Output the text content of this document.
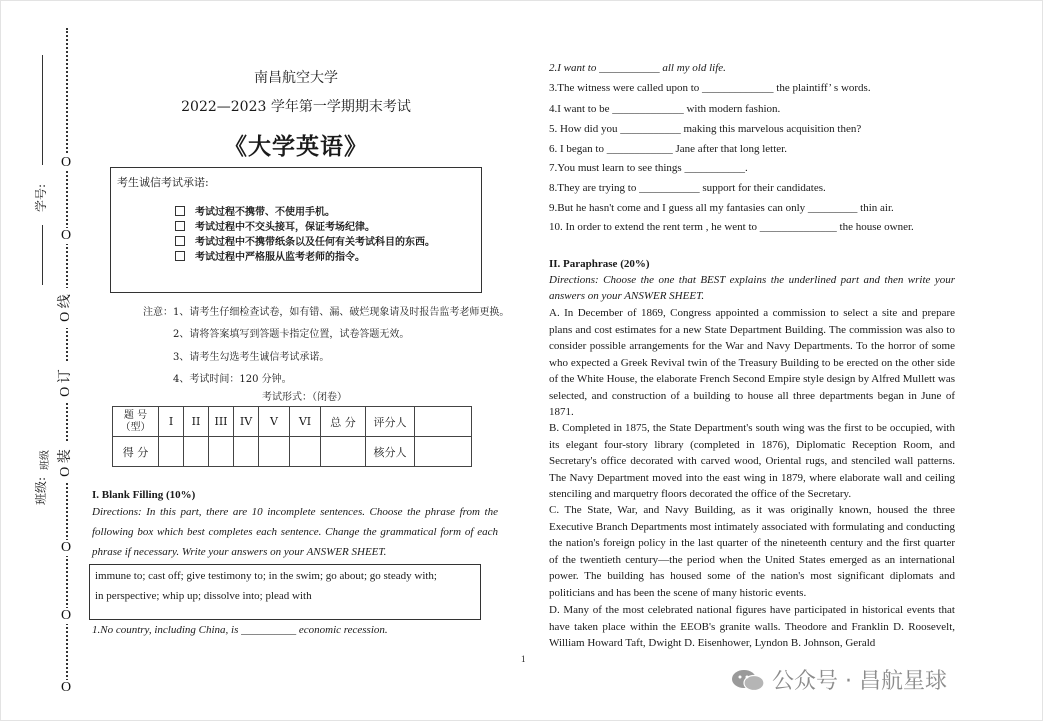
O
O
O 线
O 订
O 装
O
O
O
学号:
班级:
班级
南昌航空大学
2022—2023 学年第一学期期末考试
《大学英语》
考生诚信考试承诺:
考试过程不携带、不使用手机。
考试过程中不交头接耳，保证考场纪律。
考试过程中不携带纸条以及任何有关考试科目的东西。
考试过程中严格服从监考老师的指令。
注意：1、请考生仔细检查试卷，如有错、漏、破烂现象请及时报告监考老师更换。
2、请将答案填写到答题卡指定位置，试卷答题无效。
3、请考生勾选考生诚信考试承诺。
4、考试时间：120 分钟。
考试形式：（闭卷）
题 号（型）	I	II	III	IV	V	VI	总 分	评分人	
得 分								核分人	
I. Blank Filling (10%)
Directions: In this part, there are 10 incomplete sentences. Choose the phrase from the following box which best completes each sentence. Change the grammatical form of each phrase if necessary. Write your answers on your ANSWER SHEET.
immune to; cast off; give testimony to; in the swim; go about; go steady with;
in perspective; whip up; dissolve into; plead with
1.No country, including China, is __________ economic recession.
1
2.I want to ___________ all my old life.
3.The witness were called upon to _____________ the plaintiff’ s words.
4.I want to be _____________ with modern fashion.
5. How did you ___________ making this marvelous acquisition then?
6. I began to ____________ Jane after that long letter.
7.You must learn to see things ___________.
8.They are trying to ___________ support for their candidates.
9.But he hasn't come and I guess all my fantasies can only _________ thin air.
10. In order to extend the rent term , he went to ______________ the house owner.
II. Paraphrase (20%)
Directions: Choose the one that BEST explains the underlined part and then write your answers on your ANSWER SHEET.
A. In December of 1869, Congress appointed a commission to select a site and prepare plans and cost estimates for a new State Department Building. The commission was also to consider possible arrangements for the War and Navy Departments. To the horror of some who expected a Greek Revival twin of the Treasury Building to be erected on the other side of the White House, the elaborate French Second Empire style design by Alfred Mullett was selected, and construction of a building to house all three departments began in June of 1871.
B. Completed in 1875, the State Department's south wing was the first to be occupied, with its elegant four-story library (completed in 1876), Diplomatic Reception Room, and Secretary's office decorated with carved wood, Oriental rugs, and stenciled wall patterns. The Navy Department moved into the east wing in 1879, where elaborate wall and ceiling stenciling and marquetry floors decorated the office of the Secretary.
C. The State, War, and Navy Building, as it was originally known, housed the three Executive Branch Departments most intimately associated with formulating and conducting the nation's foreign policy in the last quarter of the nineteenth century and the first quarter of the twentieth century—the period when the United States emerged as an international power. The building has housed some of the nation's most significant diplomats and politicians and has been the scene of many historic events.
D. Many of the most celebrated national figures have participated in historical events that have taken place within the EEOB's granite walls. Theodore and Franklin D. Roosevelt, William Howard Taft, Dwight D. Eisenhower, Lyndon B. Johnson, Gerald
公众号 · 昌航星球
